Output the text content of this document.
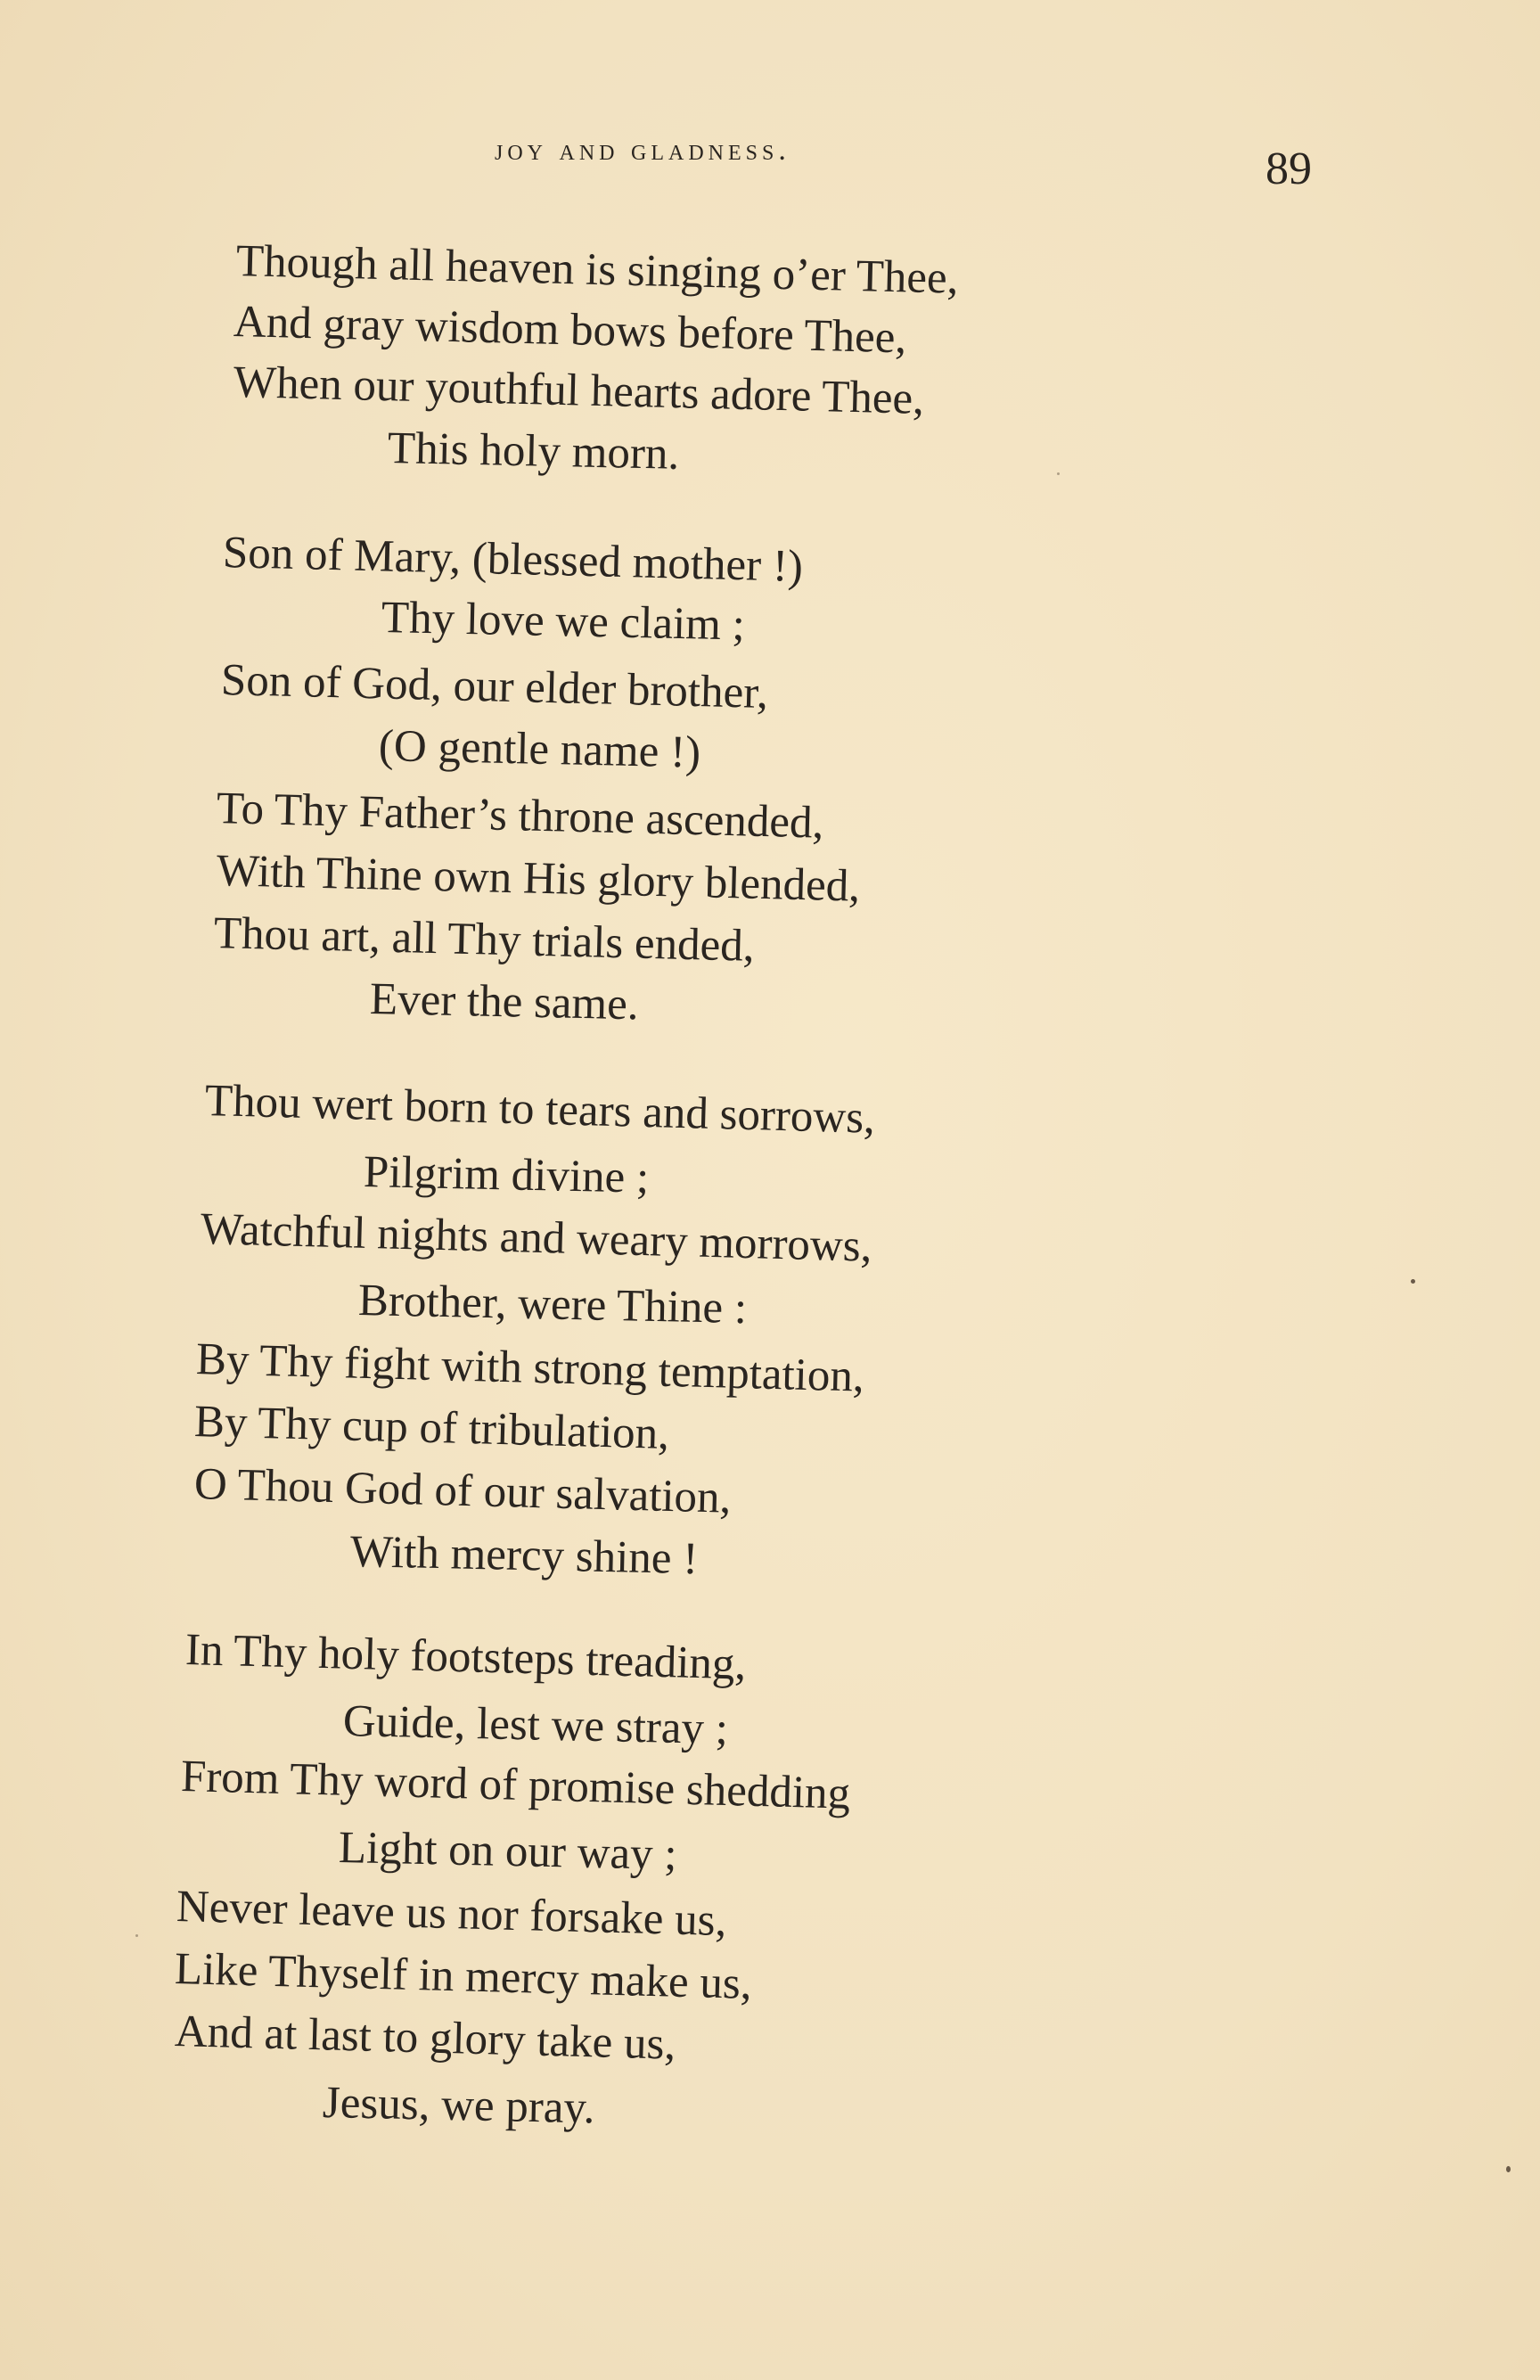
joy and gladness.	89
Though all heaven is singing o’er Thee,
And gray wisdom bows before Thee,
When our youthful hearts adore Thee,
This holy morn.
Son of Mary, (blessed mother !)
Thy love we claim ;
Son of God, our elder brother,
(O gentle name !)
To Thy Father’s throne ascended,
With Thine own His glory blended,
Thou art, all Thy trials ended,
Ever the same.
Thou wert born to tears and sorrows,
Pilgrim divine ;
Watchful nights and weary morrows,
Brother, were Thine :
By Thy fight with strong temptation,
By Thy cup of tribulation,
O Thou God of our salvation,
With mercy shine !
In Thy holy footsteps treading,
Guide, lest we stray ;
From Thy word of promise shedding
Light on our way ;
Never leave us nor forsake us,
Like Thyself in mercy make us,
And at last to glory take us,
Jesus, we pray.
